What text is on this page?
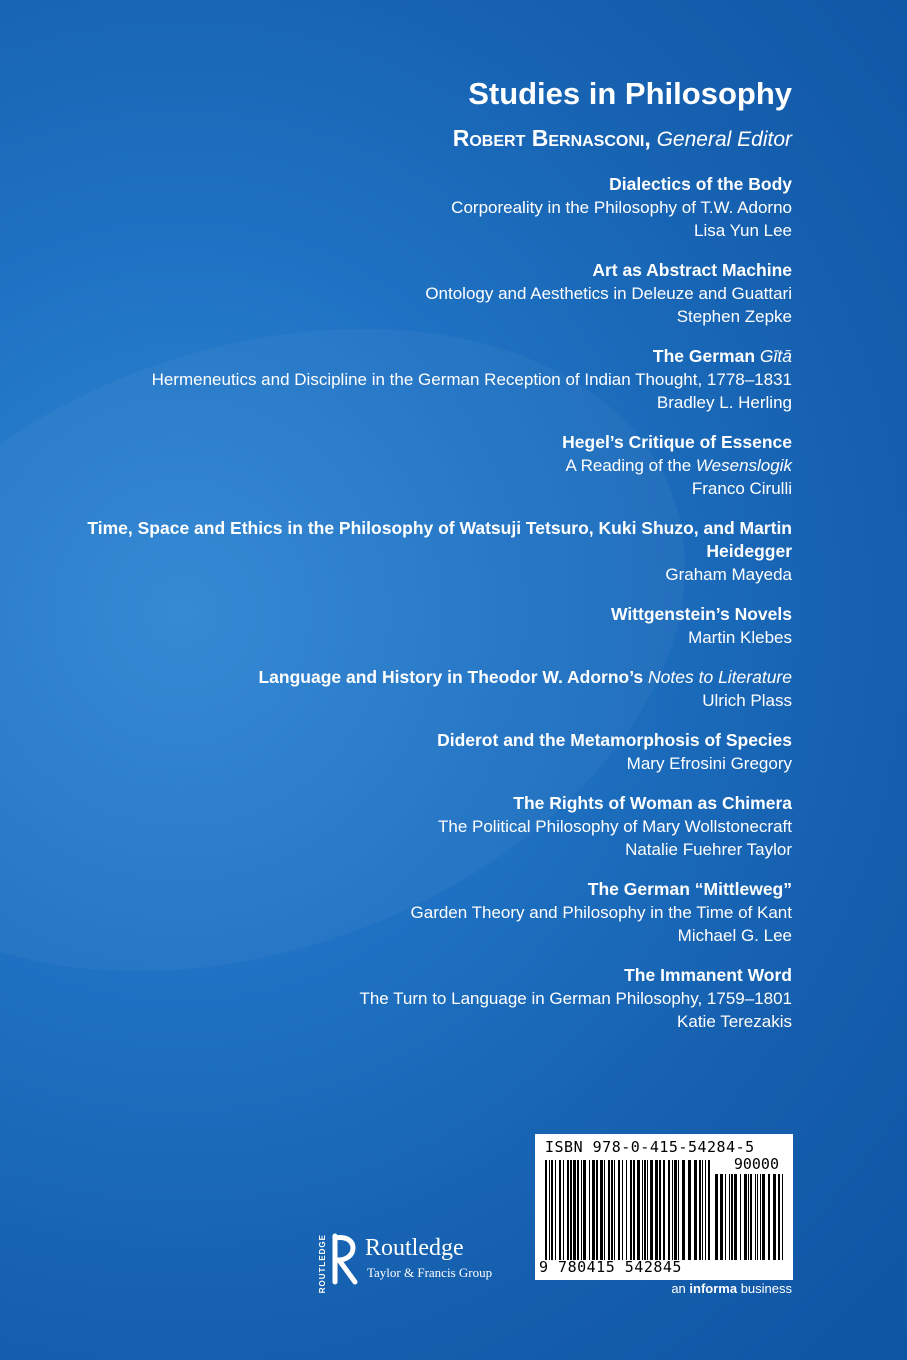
Studies in Philosophy
Robert Bernasconi, General Editor
Dialectics of the Body
Corporeality in the Philosophy of T.W. Adorno
Lisa Yun Lee
Art as Abstract Machine
Ontology and Aesthetics in Deleuze and Guattari
Stephen Zepke
The German Gītā
Hermeneutics and Discipline in the German Reception of Indian Thought, 1778–1831
Bradley L. Herling
Hegel’s Critique of Essence
A Reading of the Wesenslogik
Franco Cirulli
Time, Space and Ethics in the Philosophy of Watsuji Tetsuro, Kuki Shuzo, and Martin Heidegger
Graham Mayeda
Wittgenstein’s Novels
Martin Klebes
Language and History in Theodor W. Adorno’s Notes to Literature
Ulrich Plass
Diderot and the Metamorphosis of Species
Mary Efrosini Gregory
The Rights of Woman as Chimera
The Political Philosophy of Mary Wollstonecraft
Natalie Fuehrer Taylor
The German “Mittleweg”
Garden Theory and Philosophy in the Time of Kant
Michael G. Lee
The Immanent Word
The Turn to Language in German Philosophy, 1759–1801
Katie Terezakis
ROUTLEDGE Routledge
Taylor & Francis Group
ISBN 978-0-415-54284-5
90000
9 780415 542845
an informa business
